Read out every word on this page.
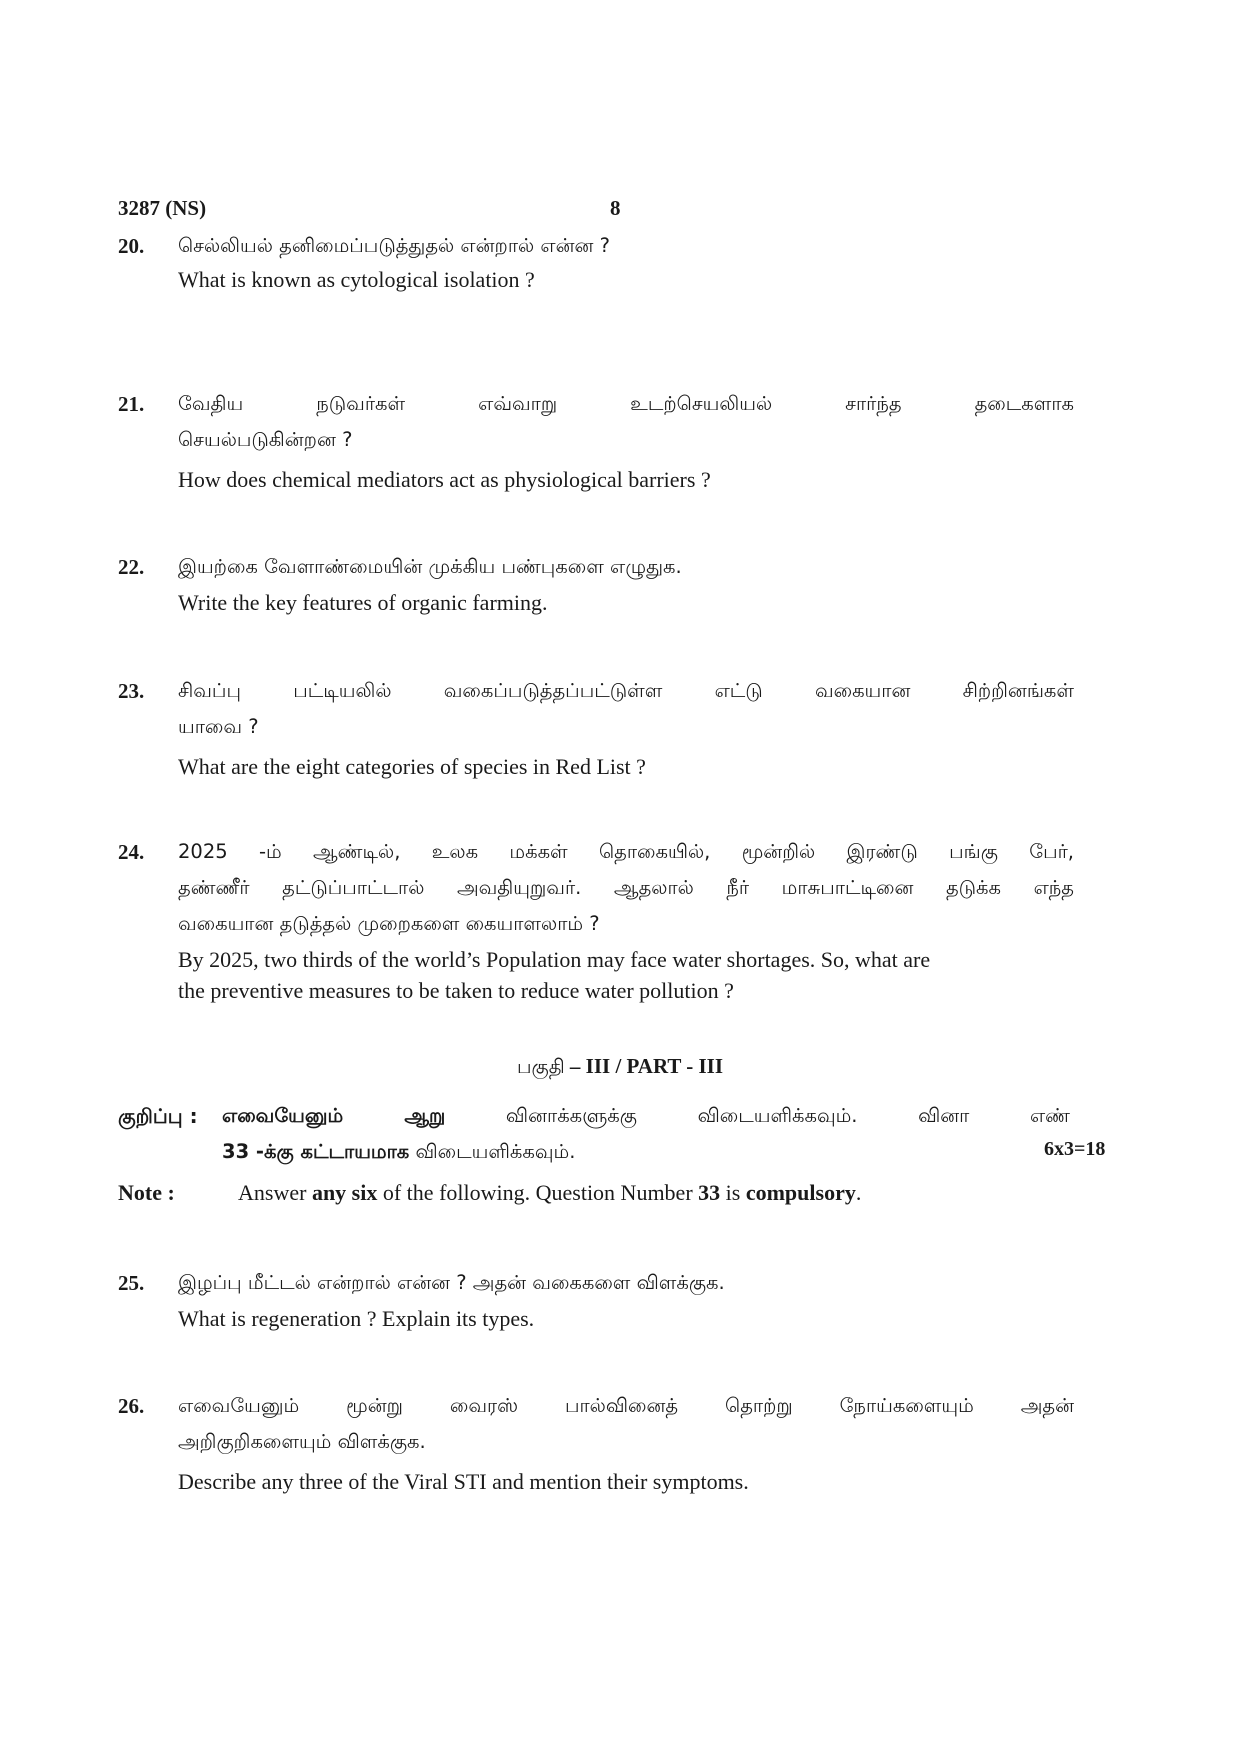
3287 (NS)	8
20. செல்லியல் தனிமைப்படுத்துதல் என்றால் என்ன ?

What is known as cytological isolation ?

21. வேதிய நடுவர்கள் எவ்வாறு உடற்செயலியல் சார்ந்த தடைகளாக

செயல்படுகின்றன ?

How does chemical mediators act as physiological barriers ?

22. இயற்கை வேளாண்மையின் முக்கிய பண்புகளை எழுதுக.

Write the key features of organic farming.

23. சிவப்பு பட்டியலில் வகைப்படுத்தப்பட்டுள்ள எட்டு வகையான சிற்றினங்கள்

யாவை ?

What are the eight categories of species in Red List ?

24. 2025 -ம் ஆண்டில், உலக மக்கள் தொகையில், மூன்றில் இரண்டு பங்கு பேர்,

தண்ணீர் தட்டுப்பாட்டால் அவதியுறுவர். ஆதலால் நீர் மாசுபாட்டினை தடுக்க எந்த

வகையான தடுத்தல் முறைகளை கையாளலாம் ?

By 2025, two thirds of the world’s Population may face water shortages. So, what are

the preventive measures to be taken to reduce water pollution ?

பகுதி – III / PART - III
குறிப்பு : எவையேனும் ஆறு வினாக்களுக்கு விடையளிக்கவும். வினா எண்

33 -க்கு கட்டாயமாக விடையளிக்கவும்.	6x3=18
Note :	Answer any six of the following. Question Number 33 is compulsory.
25. இழப்பு மீட்டல் என்றால் என்ன ? அதன் வகைகளை விளக்குக.

What is regeneration ? Explain its types.

26. எவையேனும் மூன்று வைரஸ் பால்வினைத் தொற்று நோய்களையும் அதன்

அறிகுறிகளையும் விளக்குக.

Describe any three of the Viral STI and mention their symptoms.
